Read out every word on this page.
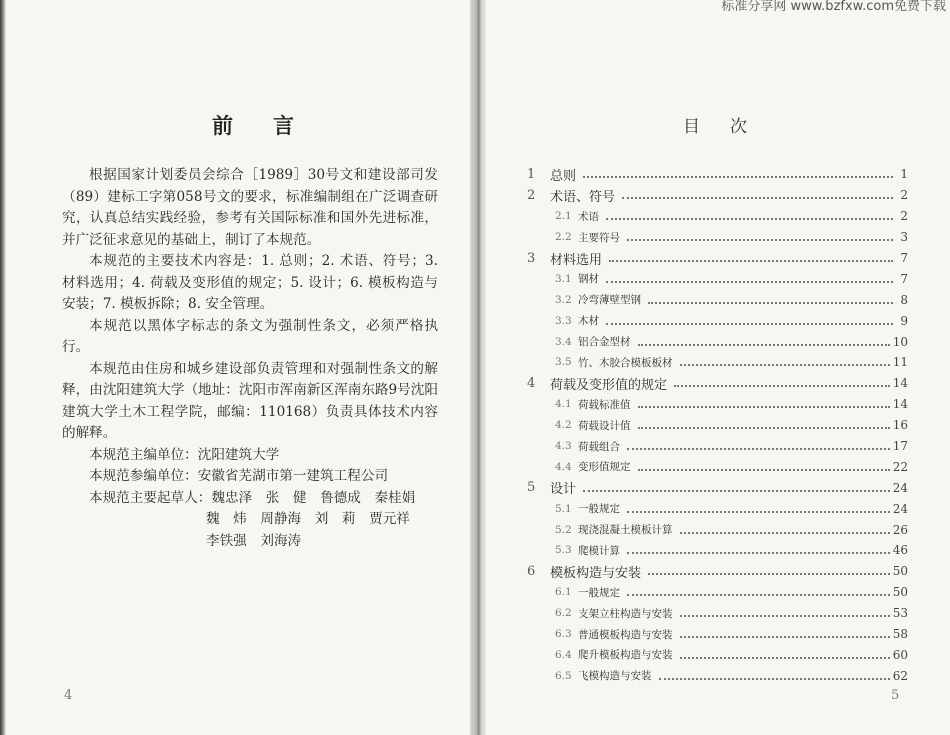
前言

根据国家计划委员会综合［1989］30号文和建设部司发（89）建标工字第058号文的要求，标准编制组在广泛调查研究，认真总结实践经验，参考有关国际标准和国外先进标准，并广泛征求意见的基础上，制订了本规范。

本规范的主要技术内容是：1. 总则；2. 术语、符号；3. 材料选用；4. 荷载及变形值的规定；5. 设计；6. 模板构造与安装；7. 模板拆除；8. 安全管理。

本规范以黑体字标志的条文为强制性条文，必须严格执行。

本规范由住房和城乡建设部负责管理和对强制性条文的解释，由沈阳建筑大学（地址：沈阳市浑南新区浑南东路9号沈阳建筑大学土木工程学院，邮编：110168）负责具体技术内容的解释。

本规范主编单位：沈阳建筑大学
本规范参编单位：安徽省芜湖市第一建筑工程公司
本规范主要起草人：魏忠泽　张　健　鲁德成　秦桂娟
魏　炜　周静海　刘　莉　贾元祥
李铁强　刘海涛
4
标准分享网 www.bzfxw.com免费下载
目次
1	总则	1
2	术语、符号	2
2.1 术语	2
2.2 主要符号	3
3	材料选用	7
3.1 钢材	7
3.2 冷弯薄壁型钢	8
3.3 木材	9
3.4 铝合金型材	10
3.5 竹、木胶合模板板材	11
4	荷载及变形值的规定	14
4.1 荷载标准值	14
4.2 荷载设计值	16
4.3 荷载组合	17
4.4 变形值规定	22
5	设计	24
5.1 一般规定	24
5.2 现浇混凝土模板计算	26
5.3 爬模计算	46
6	模板构造与安装	50
6.1 一般规定	50
6.2 支架立柱构造与安装	53
6.3 普通模板构造与安装	58
6.4 爬升模板构造与安装	60
6.5 飞模构造与安装	62
5
